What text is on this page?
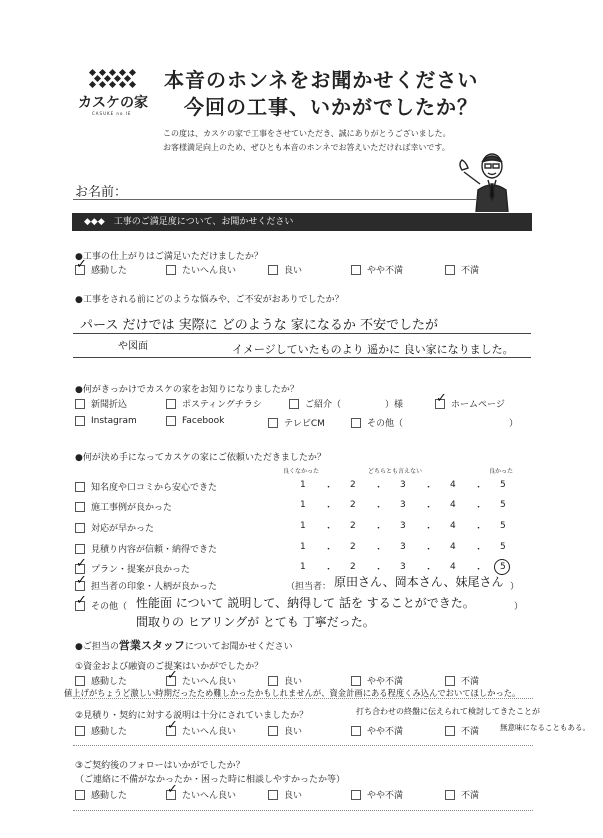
カスケの家
CASUKE no IE
本音のホンネをお聞かせください
今回の工事、いかがでしたか？
この度は、カスケの家で工事をさせていただき、誠にありがとうございました。
お客様満足向上のため、ぜひとも本音のホンネでお答えいただければ幸いです。
お名前：
◆◆◆　工事のご満足度について、お聞かせください
●工事の仕上がりはご満足いただけましたか？
✓
感動した	たいへん良い	良い	やや不満	不満
●工事をされる前にどのような悩みや、ご不安がおありでしたか？
パース だけでは 実際に どのような 家になるか 不安でしたが
や図面	イメージしていたものより 遥かに 良い家になりました。
●何がきっかけでカスケの家をお知りになりましたか？
新聞折込	ポスティングチラシ	ご紹介（	）様 ✓	ホームページ
Instagram	Facebook	テレビCM	その他（	）
●何が決め手になってカスケの家にご依頼いただきましたか？
良くなかった	どちらとも言えない	良かった
知名度や口コミから安心できた	1 ・ 2 ・ 3 ・ 4 ・ 5
施工事例が良かった	1 ・ 2 ・ 3 ・ 4 ・ 5
対応が早かった	1 ・ 2 ・ 3 ・ 4 ・ 5
見積り内容が信頼・納得できた	1 ・ 2 ・ 3 ・ 4 ・ 5
✓
プラン・提案が良かった	1 ・ 2 ・ 3 ・ 4 ・ 5
✓
担当者の印象・人柄が良かった	（担当者： 原田さん、岡本さん、妹尾さん ）
✓
その他（ 性能面 について 説明して、納得して 話を することができた。	）
間取りの ヒアリングが とても 丁寧だった。
●ご担当の営業スタッフについてお聞かせください
①資金および融資のご提案はいかがでしたか？
感動した ✓	たいへん良い	良い	やや不満	不満
値上げがちょうど激しい時期だったため難しかったかもしれませんが、資金計画にある程度くみ込んでおいてほしかった。
②見積り・契約に対する説明は十分にされていましたか？	打ち合わせの終盤に伝えられて検討してきたことが
感動した ✓	たいへん良い	良い	やや不満	不満	無意味になることもある。
③ご契約後のフォローはいかがでしたか？
（ご連絡に不備がなかったか・困った時に相談しやすかったか等）
感動した ✓	たいへん良い	良い	やや不満	不満
